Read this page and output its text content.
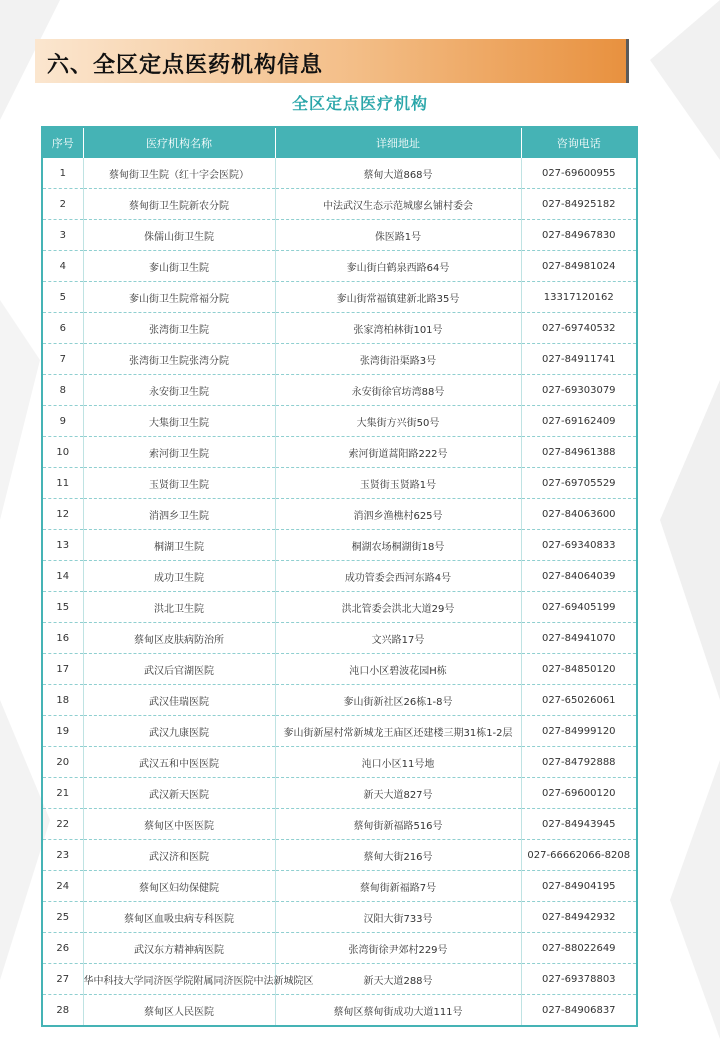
六、全区定点医药机构信息
全区定点医疗机构
序号	医疗机构名称	详细地址	咨询电话
1	蔡甸街卫生院（红十字会医院）	蔡甸大道868号	027-69600955
2	蔡甸街卫生院新农分院	中法武汉生态示范城廖幺铺村委会	027-84925182
3	侏儒山街卫生院	侏医路1号	027-84967830
4	奓山街卫生院	奓山街白鹤泉西路64号	027-84981024
5	奓山街卫生院常福分院	奓山街常福镇建新北路35号	13317120162
6	张湾街卫生院	张家湾柏林街101号	027-69740532
7	张湾街卫生院张湾分院	张湾街沿渠路3号	027-84911741
8	永安街卫生院	永安街徐官坊湾88号	027-69303079
9	大集街卫生院	大集街方兴街50号	027-69162409
10	索河街卫生院	索河街道蒿阳路222号	027-84961388
11	玉贤街卫生院	玉贤街玉贤路1号	027-69705529
12	消泗乡卫生院	消泗乡渔樵村625号	027-84063600
13	桐湖卫生院	桐湖农场桐湖街18号	027-69340833
14	成功卫生院	成功管委会西河东路4号	027-84064039
15	洪北卫生院	洪北管委会洪北大道29号	027-69405199
16	蔡甸区皮肤病防治所	文兴路17号	027-84941070
17	武汉后官湖医院	沌口小区碧波花园H栋	027-84850120
18	武汉佳瑞医院	奓山街新社区26栋1-8号	027-65026061
19	武汉九康医院	奓山街新屋村常新城龙王庙区还建楼三期31栋1-2层	027-84999120
20	武汉五和中医医院	沌口小区11号地	027-84792888
21	武汉新天医院	新天大道827号	027-69600120
22	蔡甸区中医医院	蔡甸街新福路516号	027-84943945
23	武汉济和医院	蔡甸大街216号	027-66662066-8208
24	蔡甸区妇幼保健院	蔡甸街新福路7号	027-84904195
25	蔡甸区血吸虫病专科医院	汉阳大街733号	027-84942932
26	武汉东方精神病医院	张湾街徐尹郊村229号	027-88022649
27	华中科技大学同济医学院附属同济医院中法新城院区	新天大道288号	027-69378803
28	蔡甸区人民医院	蔡甸区蔡甸街成功大道111号	027-84906837
